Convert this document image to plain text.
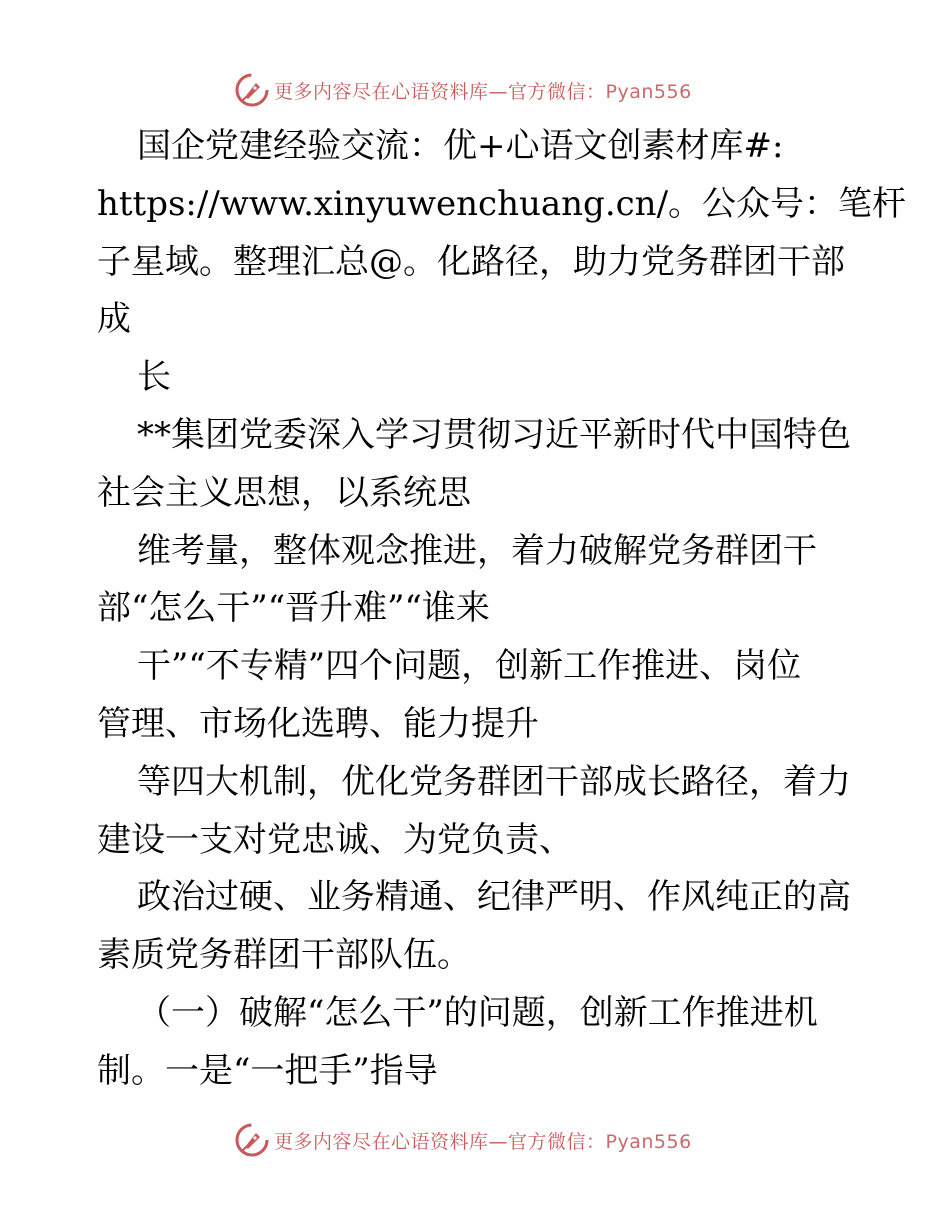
更多内容尽在心语资料库—官方微信：Pyan556
国企党建经验交流：优+心语文创素材库#:
https://www.xinyuwenchuang.cn/。公众号：笔杆
子星域。整理汇总@。化路径，助力党务群团干部
成
长
**集团党委深入学习贯彻习近平新时代中国特色
社会主义思想，以系统思
维考量，整体观念推进，着力破解党务群团干
部“怎么干”“晋升难”“谁来
干”“不专精”四个问题，创新工作推进、岗位
管理、市场化选聘、能力提升
等四大机制，优化党务群团干部成长路径，着力
建设一支对党忠诚、为党负责、
政治过硬、业务精通、纪律严明、作风纯正的高
素质党务群团干部队伍。
（一）破解“怎么干”的问题，创新工作推进机
制。一是“一把手”指导
更多内容尽在心语资料库—官方微信：Pyan556
